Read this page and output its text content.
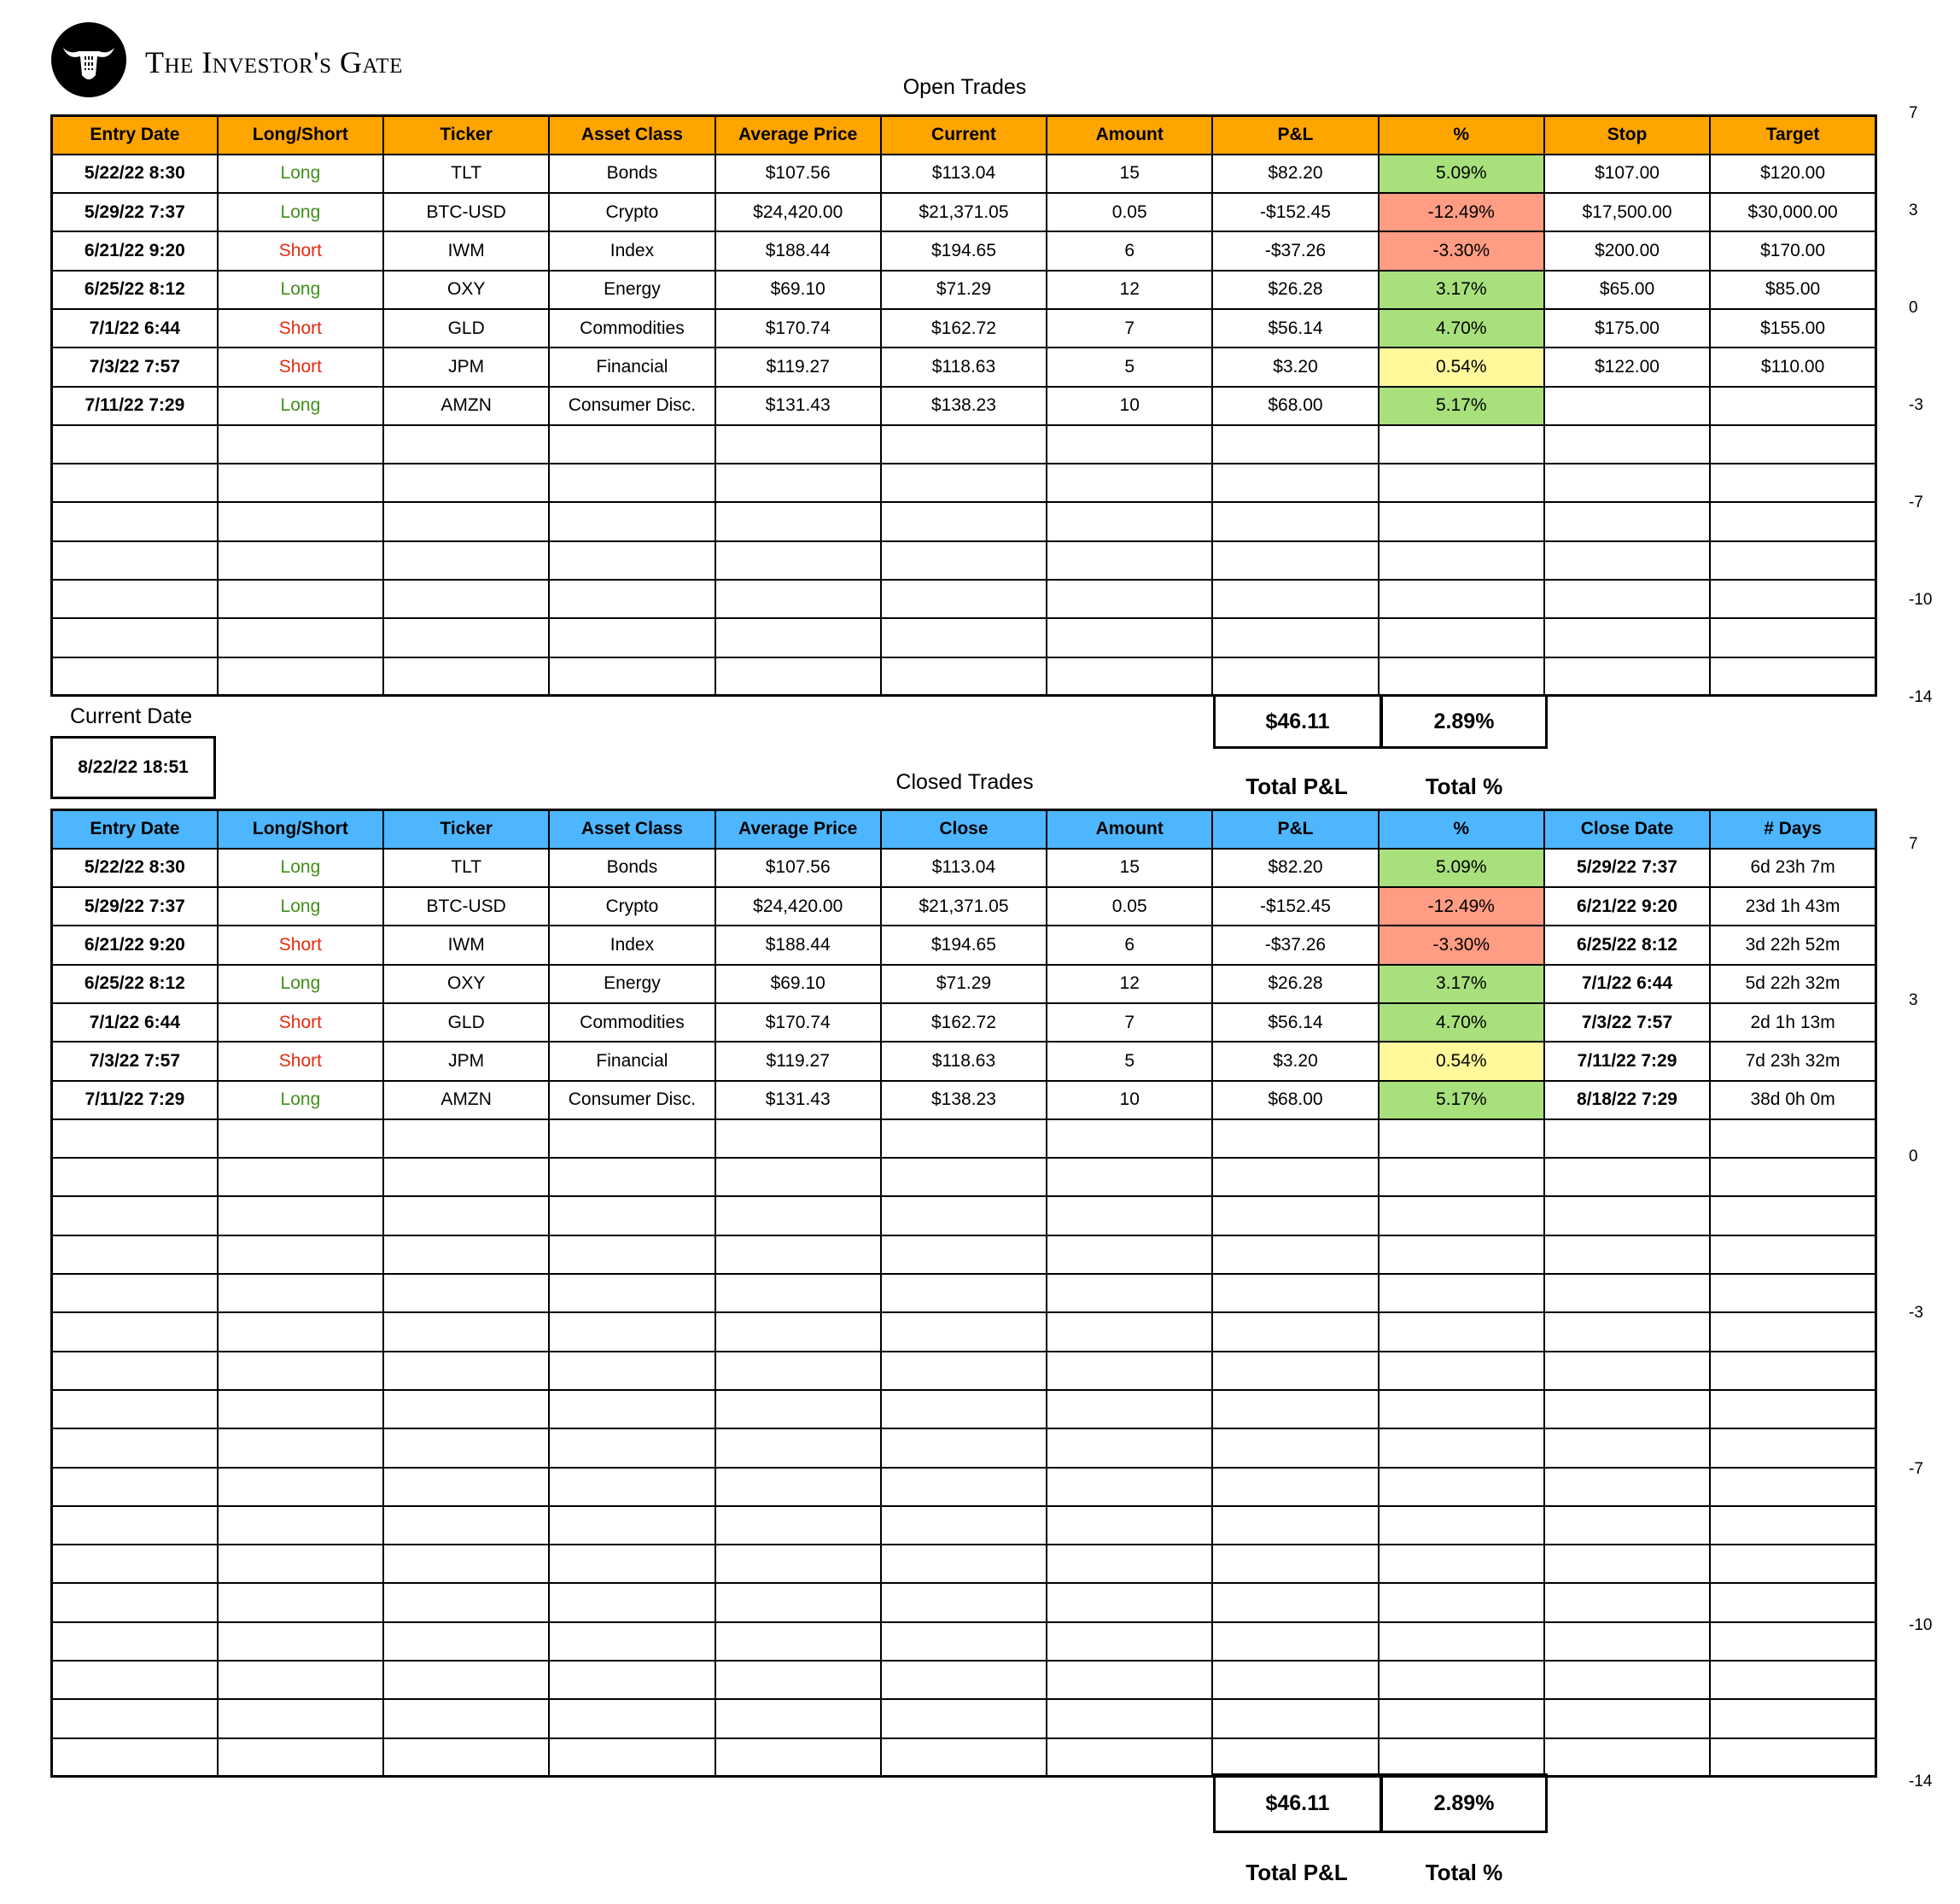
The Investor's Gate
Open Trades
Entry Date	Long/Short	Ticker	Asset Class	Average Price	Current	Amount	P&L	%	Stop	Target
5/22/22 8:30	Long	TLT	Bonds	$107.56	$113.04	15	$82.20	5.09%	$107.00	$120.00
5/29/22 7:37	Long	BTC-USD	Crypto	$24,420.00	$21,371.05	0.05	-$152.45	-12.49%	$17,500.00	$30,000.00
6/21/22 9:20	Short	IWM	Index	$188.44	$194.65	6	-$37.26	-3.30%	$200.00	$170.00
6/25/22 8:12	Long	OXY	Energy	$69.10	$71.29	12	$26.28	3.17%	$65.00	$85.00
7/1/22 6:44	Short	GLD	Commodities	$170.74	$162.72	7	$56.14	4.70%	$175.00	$155.00
7/3/22 7:57	Short	JPM	Financial	$119.27	$118.63	5	$3.20	0.54%	$122.00	$110.00
7/11/22 7:29	Long	AMZN	Consumer Disc.	$131.43	$138.23	10	$68.00	5.17%		

$46.11	2.89%
Total P&L	Total %
Current Date
8/22/22 18:51
Closed Trades
Entry Date	Long/Short	Ticker	Asset Class	Average Price	Close	Amount	P&L	%	Close Date	# Days
5/22/22 8:30	Long	TLT	Bonds	$107.56	$113.04	15	$82.20	5.09%	5/29/22 7:37	6d 23h 7m
5/29/22 7:37	Long	BTC-USD	Crypto	$24,420.00	$21,371.05	0.05	-$152.45	-12.49%	6/21/22 9:20	23d 1h 43m
6/21/22 9:20	Short	IWM	Index	$188.44	$194.65	6	-$37.26	-3.30%	6/25/22 8:12	3d 22h 52m
6/25/22 8:12	Long	OXY	Energy	$69.10	$71.29	12	$26.28	3.17%	7/1/22 6:44	5d 22h 32m
7/1/22 6:44	Short	GLD	Commodities	$170.74	$162.72	7	$56.14	4.70%	7/3/22 7:57	2d 1h 13m
7/3/22 7:57	Short	JPM	Financial	$119.27	$118.63	5	$3.20	0.54%	7/11/22 7:29	7d 23h 32m
7/11/22 7:29	Long	AMZN	Consumer Disc.	$131.43	$138.23	10	$68.00	5.17%	8/18/22 7:29	38d 0h 0m

$46.11	2.89%
Total P&L	Total %
7
3
0
-3
-7
-10
-14
7
3
0
-3
-7
-10
-14
